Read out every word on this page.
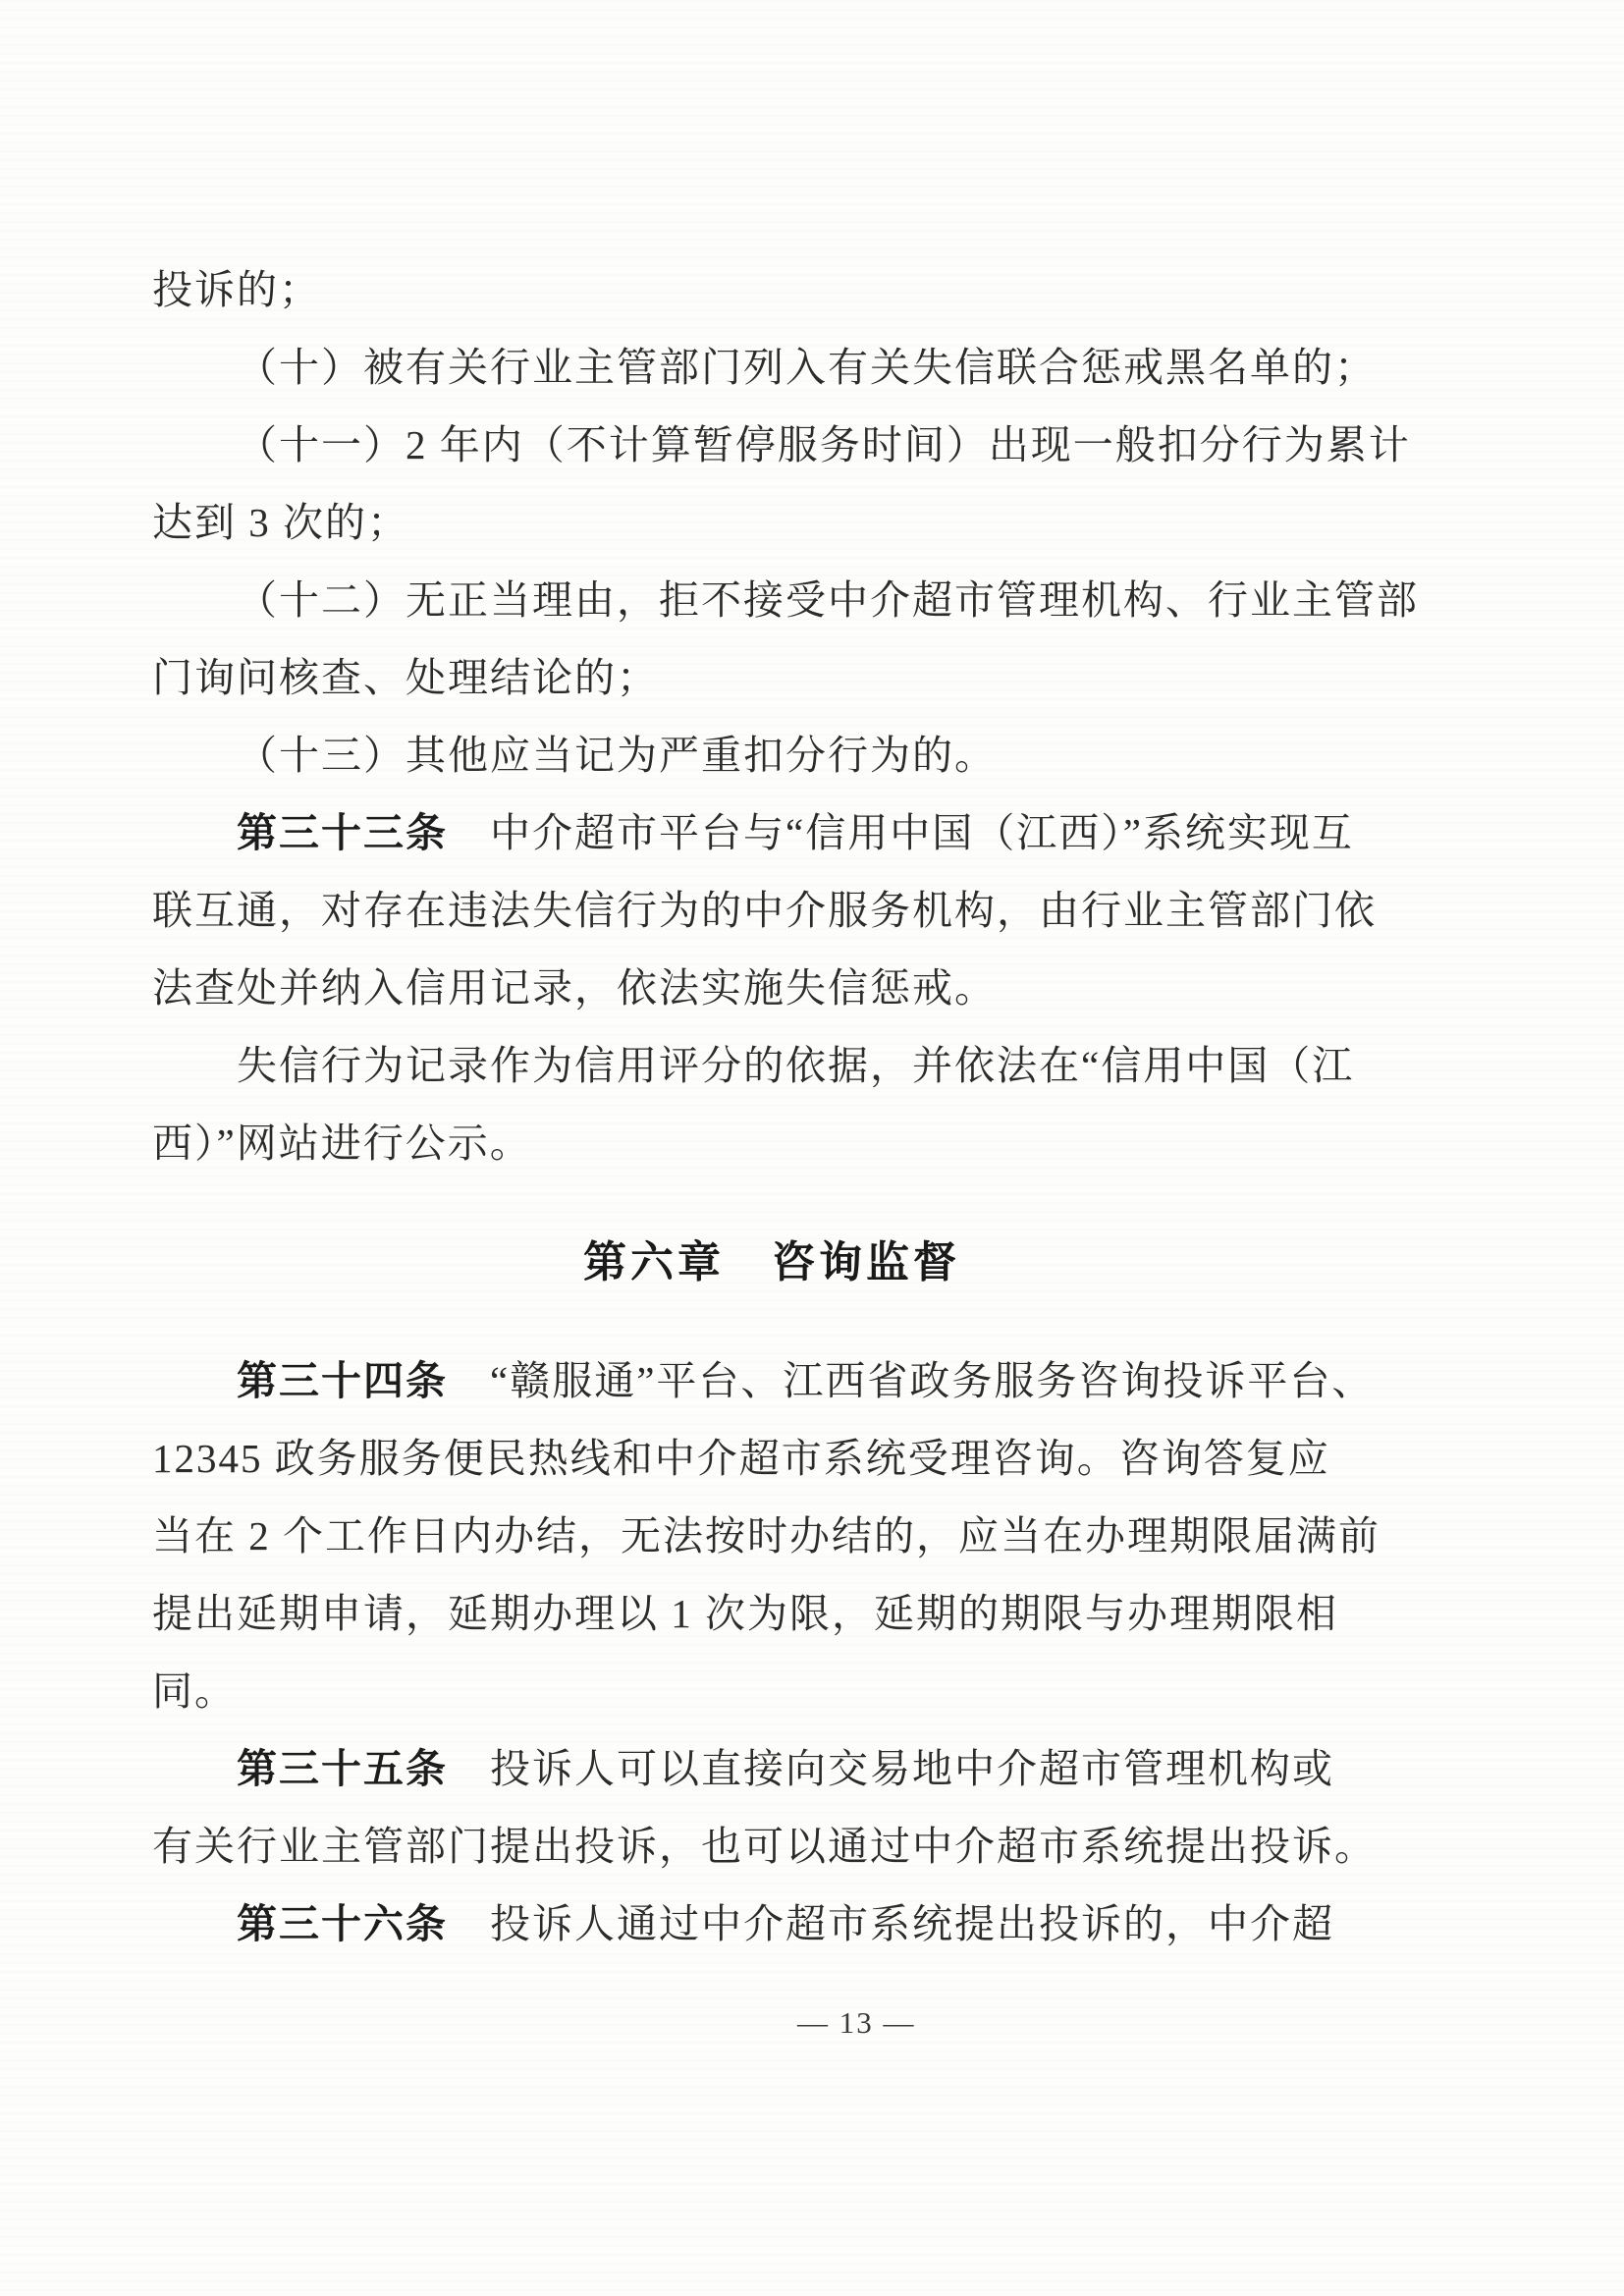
投诉的；
（十）被有关行业主管部门列入有关失信联合惩戒黑名单的；
（十一）2 年内（不计算暂停服务时间）出现一般扣分行为累计
达到 3 次的；
（十二）无正当理由，拒不接受中介超市管理机构、行业主管部
门询问核查、处理结论的；
（十三）其他应当记为严重扣分行为的。
第三十三条　中介超市平台与“信用中国（江西）”系统实现互
联互通，对存在违法失信行为的中介服务机构，由行业主管部门依
法查处并纳入信用记录，依法实施失信惩戒。
失信行为记录作为信用评分的依据，并依法在“信用中国（江
西）”网站进行公示。
第六章　咨询监督
第三十四条　“赣服通”平台、江西省政务服务咨询投诉平台、
12345 政务服务便民热线和中介超市系统受理咨询。咨询答复应
当在 2 个工作日内办结，无法按时办结的，应当在办理期限届满前
提出延期申请，延期办理以 1 次为限，延期的期限与办理期限相
同。
第三十五条　投诉人可以直接向交易地中介超市管理机构或
有关行业主管部门提出投诉，也可以通过中介超市系统提出投诉。
第三十六条　投诉人通过中介超市系统提出投诉的，中介超
— 13 —
